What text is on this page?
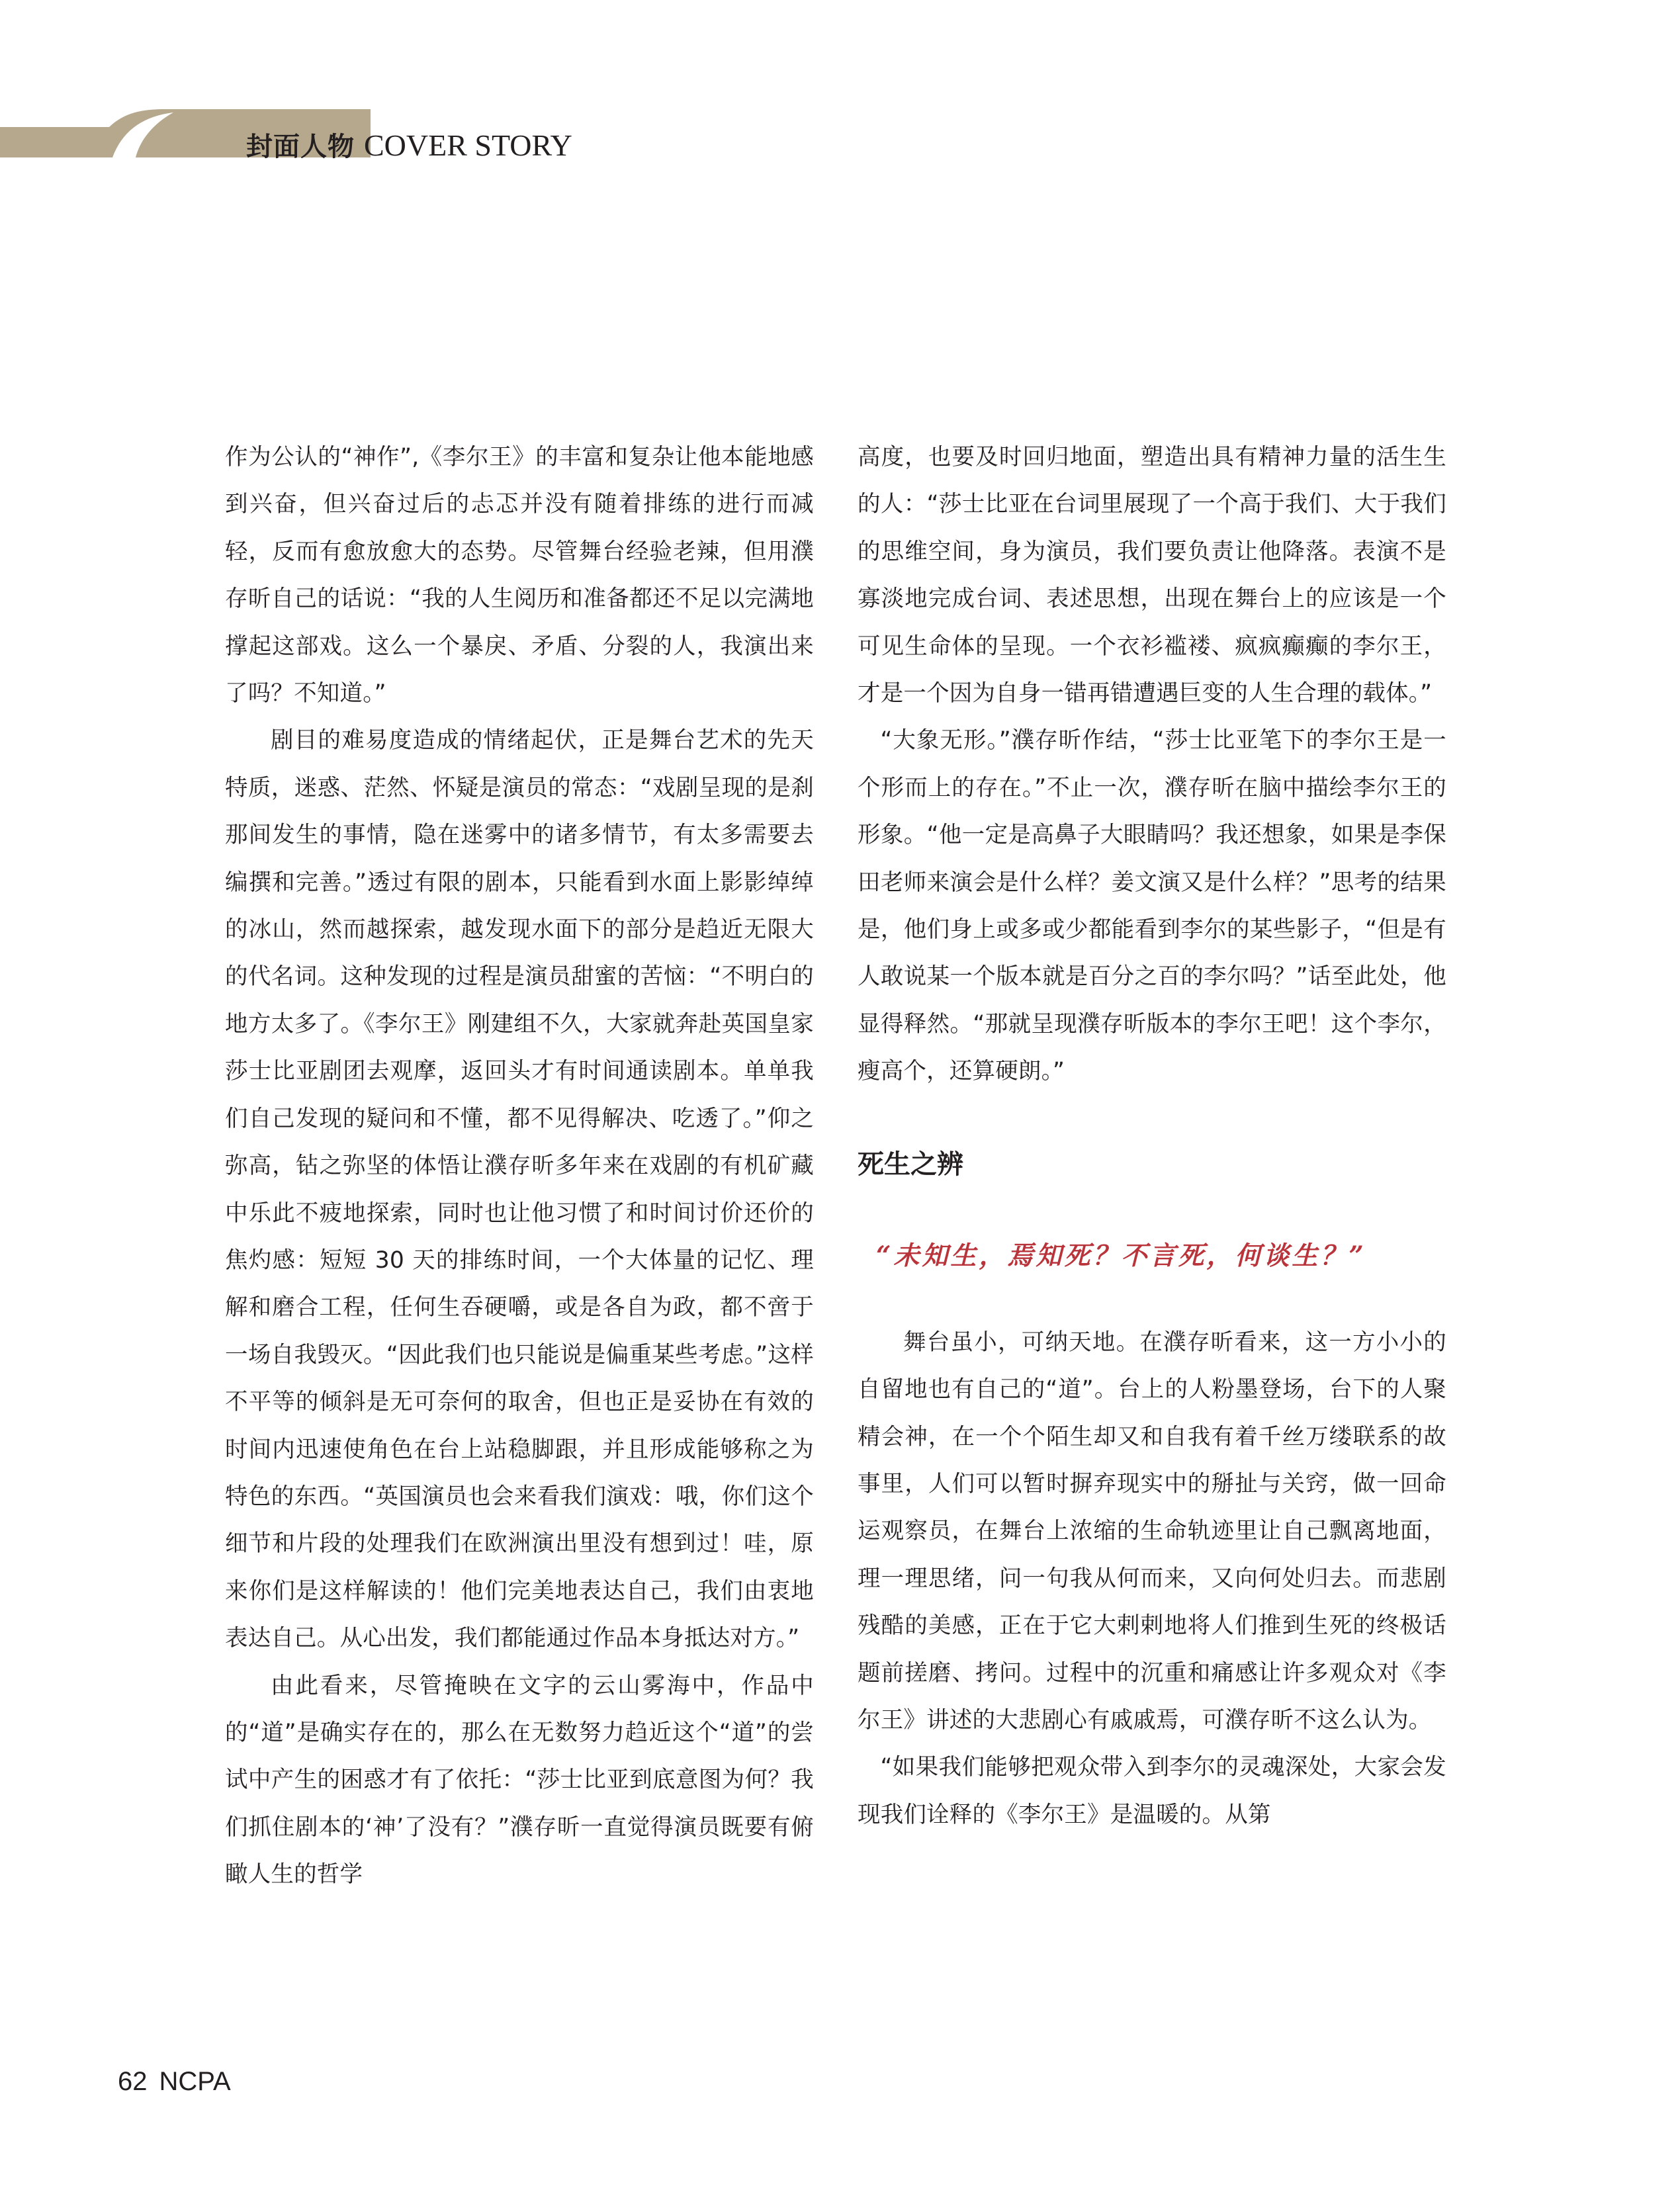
封面人物 COVER STORY

作为公认的“神作”,《李尔王》的丰富和复杂让他本能地感到兴奋，但兴奋过后的忐忑并没有随着排练的进行而减轻，反而有愈放愈大的态势。尽管舞台经验老辣，但用濮存昕自己的话说：“我的人生阅历和准备都还不足以完满地撑起这部戏。这么一个暴戾、矛盾、分裂的人，我演出来了吗？不知道。”

剧目的难易度造成的情绪起伏，正是舞台艺术的先天特质，迷惑、茫然、怀疑是演员的常态：“戏剧呈现的是刹那间发生的事情，隐在迷雾中的诸多情节，有太多需要去编撰和完善。”透过有限的剧本，只能看到水面上影影绰绰的冰山，然而越探索，越发现水面下的部分是趋近无限大的代名词。这种发现的过程是演员甜蜜的苦恼：“不明白的地方太多了。《李尔王》刚建组不久，大家就奔赴英国皇家莎士比亚剧团去观摩，返回头才有时间通读剧本。单单我们自己发现的疑问和不懂，都不见得解决、吃透了。”仰之弥高，钻之弥坚的体悟让濮存昕多年来在戏剧的有机矿藏中乐此不疲地探索，同时也让他习惯了和时间讨价还价的焦灼感：短短 30 天的排练时间，一个大体量的记忆、理解和磨合工程，任何生吞硬嚼，或是各自为政，都不啻于一场自我毁灭。“因此我们也只能说是偏重某些考虑。”这样不平等的倾斜是无可奈何的取舍，但也正是妥协在有效的时间内迅速使角色在台上站稳脚跟，并且形成能够称之为特色的东西。“英国演员也会来看我们演戏：哦，你们这个细节和片段的处理我们在欧洲演出里没有想到过！哇，原来你们是这样解读的！他们完美地表达自己，我们由衷地表达自己。从心出发，我们都能通过作品本身抵达对方。”

由此看来，尽管掩映在文字的云山雾海中，作品中的“道”是确实存在的，那么在无数努力趋近这个“道”的尝试中产生的困惑才有了依托：“莎士比亚到底意图为何？我们抓住剧本的‘神’了没有？”濮存昕一直觉得演员既要有俯瞰人生的哲学

高度，也要及时回归地面，塑造出具有精神力量的活生生的人：“莎士比亚在台词里展现了一个高于我们、大于我们的思维空间，身为演员，我们要负责让他降落。表演不是寡淡地完成台词、表述思想，出现在舞台上的应该是一个可见生命体的呈现。一个衣衫褴褛、疯疯癫癫的李尔王，才是一个因为自身一错再错遭遇巨变的人生合理的载体。”

“大象无形。”濮存昕作结，“莎士比亚笔下的李尔王是一个形而上的存在。”不止一次，濮存昕在脑中描绘李尔王的形象。“他一定是高鼻子大眼睛吗？我还想象，如果是李保田老师来演会是什么样？姜文演又是什么样？”思考的结果是，他们身上或多或少都能看到李尔的某些影子，“但是有人敢说某一个版本就是百分之百的李尔吗？”话至此处，他显得释然。“那就呈现濮存昕版本的李尔王吧！这个李尔，瘦高个，还算硬朗。”

死生之辨
“未知生，焉知死？不言死，何谈生？”

舞台虽小，可纳天地。在濮存昕看来，这一方小小的自留地也有自己的“道”。台上的人粉墨登场，台下的人聚精会神，在一个个陌生却又和自我有着千丝万缕联系的故事里，人们可以暂时摒弃现实中的掰扯与关窍，做一回命运观察员，在舞台上浓缩的生命轨迹里让自己飘离地面，理一理思绪，问一句我从何而来，又向何处归去。而悲剧残酷的美感，正在于它大剌剌地将人们推到生死的终极话题前搓磨、拷问。过程中的沉重和痛感让许多观众对《李尔王》讲述的大悲剧心有戚戚焉，可濮存昕不这么认为。

“如果我们能够把观众带入到李尔的灵魂深处，大家会发现我们诠释的《李尔王》是温暖的。从第

62 NCPA
